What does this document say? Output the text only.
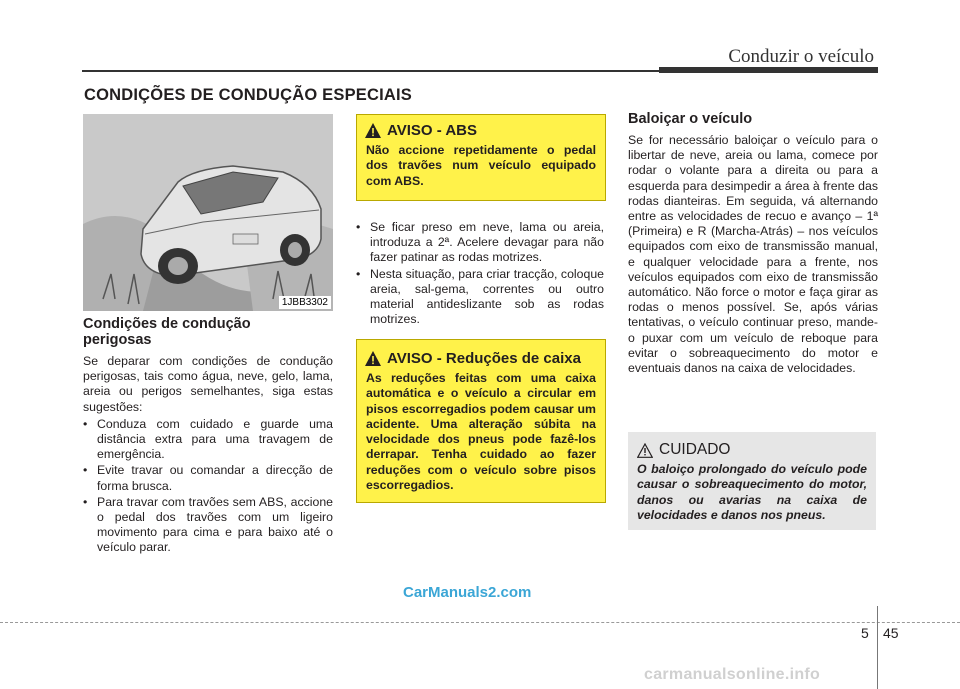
Conduzir o veículo
CONDIÇÕES DE CONDUÇÃO ESPECIAIS
1JBB3302
Condições de condução perigosas
Se deparar com condições de condução perigosas, tais como água, neve, gelo, lama, areia ou perigos semelhantes, siga estas sugestões:
• Conduza com cuidado e guarde uma distância extra para uma travagem de emergência.
• Evite travar ou comandar a direcção de forma brusca.
• Para travar com travões sem ABS, accione o pedal dos travões com um ligeiro movimento para cima e para baixo até o veículo parar.
AVISO - ABS
Não accione repetidamente o pedal dos travões num veículo equipado com ABS.
• Se ficar preso em neve, lama ou areia, introduza a 2ª. Acelere devagar para não fazer patinar as rodas motrizes.
• Nesta situação, para criar tracção, coloque areia, sal-gema, correntes ou outro material antideslizante sob as rodas motrizes.
AVISO - Reduções de caixa
As reduções feitas com uma caixa automática e o veículo a circular em pisos escorregadios podem causar um acidente. Uma alteração súbita na velocidade dos pneus pode fazê-los derrapar. Tenha cuidado ao fazer reduções com o veículo sobre pisos escorregadios.
Baloiçar o veículo
Se for necessário baloiçar o veículo para o libertar de neve, areia ou lama, comece por rodar o volante para a direita ou para a esquerda para desimpedir a área à frente das rodas dianteiras. Em seguida, vá alternando entre as velocidades de recuo e avanço – 1ª (Primeira) e R (Marcha-Atrás) – nos veículos equipados com eixo de transmissão manual, e qualquer velocidade para a frente, nos veículos equipados com eixo de transmissão automático. Não force o motor e faça girar as rodas o menos possível. Se, após várias tentativas, o veículo continuar preso, mande-o puxar com um veículo de reboque para evitar o sobreaquecimento do motor e eventuais danos na caixa de velocidades.
CUIDADO
O baloiço prolongado do veículo pode causar o sobreaquecimento do motor, danos ou avarias na caixa de velocidades e danos nos pneus.
CarManuals2.com
5 45
carmanualsonline.info
